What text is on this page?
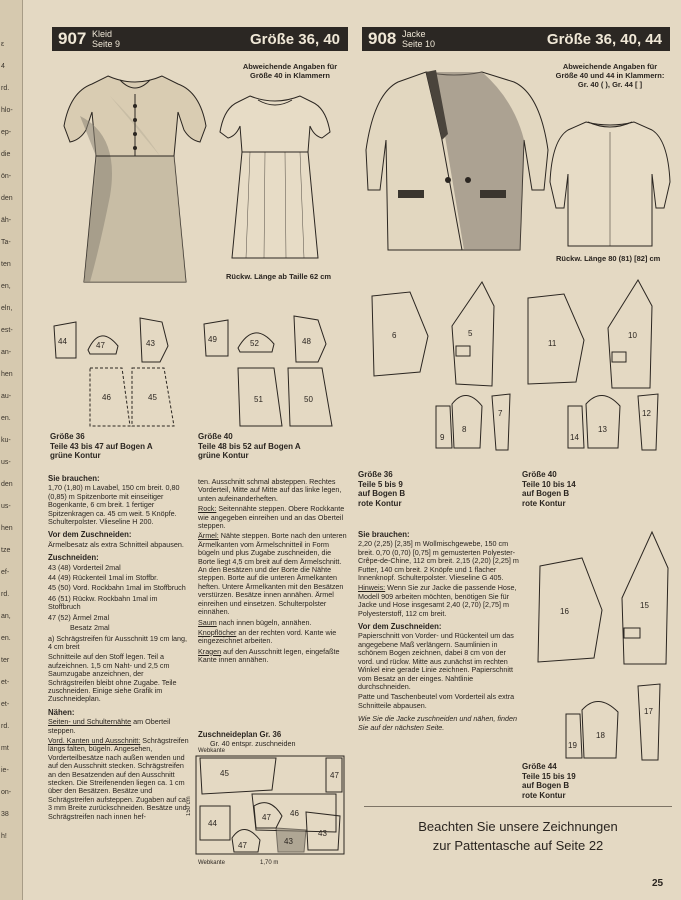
ε
4
rd.
hlo-
ep-
die
ön-
den
äh-
Ta-
ten
en,
eln,
est-
an-
hen
au-
en.
ku-
us-
den
us-
hen
tze
ef-
rd.
an,
en.
ter
et-
et-
rd.
mt
ie-
on-
38
h!
907 Kleid
Seite 9	Größe 36, 40	908 Jacke
Seite 10	Größe 36, 40, 44
Abweichende Angaben für
Größe 40 in Klammern
Rückw. Länge ab Taille 62 cm
Abweichende Angaben für
Größe 40 und 44 in Klammern:
Gr. 40 ( ), Gr. 44 [ ]
Rückw. Länge 80 (81) [82] cm
44	47	43
46	45
49	52	48
51	50
Größe 36
Teile 43 bis 47 auf Bogen A
grüne Kontur
Größe 40
Teile 48 bis 52 auf Bogen A
grüne Kontur
6	5
9
8
7
11
10
14
13
12
Größe 36
Teile 5 bis 9
auf Bogen B
rote Kontur
Größe 40
Teile 10 bis 14
auf Bogen B
rote Kontur
16
15
19
18
17
Größe 44
Teile 15 bis 19
auf Bogen B
rote Kontur
Sie brauchen:

1,70 (1,80) m Lavabel, 150 cm breit. 0,80 (0,85) m Spitzenborte mit einseitiger Bogenkante, 6 cm breit. 1 fertiger Spitzenkragen ca. 45 cm weit. 5 Knöpfe. Schulterpolster. Vlieseline H 200.

Vor dem Zuschneiden:

Ärmelbesatz als extra Schnitteil abpausen.

Zuschneiden:

43 (48) Vorderteil 2mal

44 (49) Rückenteil 1mal im Stoffbr.

45 (50) Vord. Rockbahn 1mal im Stoffbruch

46 (51) Rückw. Rockbahn 1mal im Stoffbruch

47 (52) Ärmel 2mal

Besatz 2mal

a) Schrägstreifen für Ausschnitt 19 cm lang, 4 cm breit

Schnitteile auf den Stoff legen. Teil a aufzeichnen. 1,5 cm Naht- und 2,5 cm Saumzugabe anzeichnen, der Schrägstreifen bleibt ohne Zugabe. Teile zuschneiden. Einige siehe Grafik im Zuschneideplan.

Nähen:

Seiten- und Schulternähte am Oberteil steppen.

Vord. Kanten und Ausschnitt: Schrägstreifen längs falten, bügeln. Angesehen, Vorderteilbesätze nach außen wenden und auf den Ausschnitt stecken. Schrägstreifen an den Besatzenden auf den Ausschnitt stecken. Die Streifenenden liegen ca. 1 cm über den Besätzen. Besätze und Schrägstreifen aufsteppen. Zugaben auf ca. 3 mm Breite zurückschneiden. Besätze und Schrägstreifen nach innen hef-

ten. Ausschnitt schmal absteppen. Rechtes Vorderteil, Mitte auf Mitte auf das linke legen, unten aufeinanderheften.

Rock: Seitennähte steppen. Obere Rockkante wie angegeben einreihen und an das Oberteil steppen.

Ärmel: Nähte steppen. Borte nach den unteren Ärmelkanten vom Ärmelschnitteil in Form bügeln und plus Zugabe zuschneiden, die Borte liegt 4,5 cm breit auf dem Ärmelschnitt. An den Besätzen und der Borte die Nähte steppen. Borte auf die unteren Ärmelkanten heften. Untere Ärmelkanten mit den Besätzen verstürzen. Besätze innen annähen. Ärmel einreihen und einsetzen. Schulterpolster einnähen.

Saum nach innen bügeln, annähen.

Knopflöcher an der rechten vord. Kante wie eingezeichnet arbeiten.

Kragen auf den Ausschnitt legen, eingefaßte Kante innen annähen.

Zuschneideplan Gr. 36

Gr. 40 entspr. zuschneiden

Webkante
45
46
47
44
47
47
43
43
150 cm
Webkante	1,70 m
Sie brauchen:

2,20 (2,25) [2,35] m Wollmischgewebe, 150 cm breit. 0,70 (0,70) [0,75] m gemusterten Polyester-Crêpe-de-Chine, 112 cm breit. 2,15 (2,20) [2,25] m Futter, 140 cm breit. 2 Knöpfe und 1 flacher Innenknopf. Schulterpolster. Vlieseline G 405.

Hinweis: Wenn Sie zur Jacke die passende Hose, Modell 909 arbeiten möchten, benötigen Sie für Jacke und Hose insgesamt 2,40 (2,70) [2,75] m Polyesterstoff, 112 cm breit.

Vor dem Zuschneiden:

Papierschnitt von Vorder- und Rückenteil um das angegebene Maß verlängern. Saumlinien in schönem Bogen zeichnen, dabei 8 cm von der vord. und rückw. Mitte aus zunächst im rechten Winkel eine gerade Linie zeichnen. Papierschnitt vom Besatz an der einges. Nahtlinie durchschneiden.

Patte und Taschenbeutel vom Vorderteil als extra Schnitteile abpausen.

Wie Sie die Jacke zuschneiden und nähen, finden Sie auf der nächsten Seite.

Beachten Sie unsere Zeichnungen
zur Pattentasche auf Seite 22
25
